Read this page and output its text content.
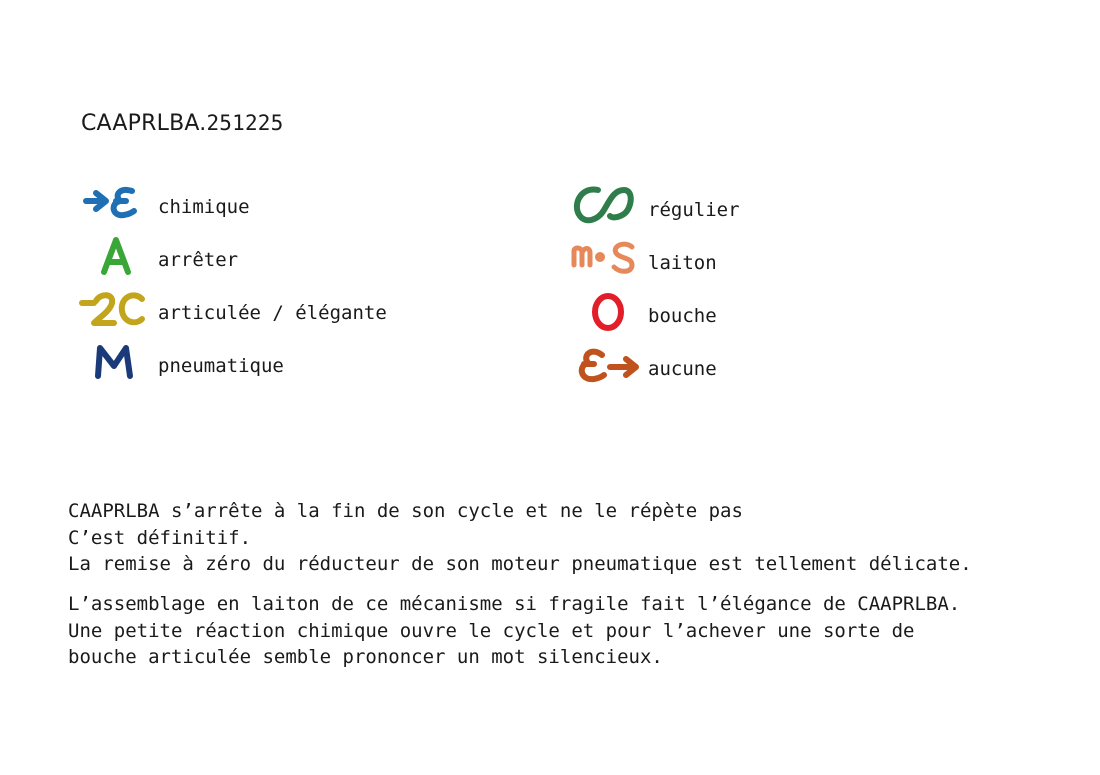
CAAPRLBA.251225
chimique
arrêter
articulée / élégante
pneumatique
régulier
laiton
bouche
aucune
CAAPRLBA s’arrête à la fin de son cycle et ne le répète pas
C’est définitif.
La remise à zéro du réducteur de son moteur pneumatique est tellement délicate.
L’assemblage en laiton de ce mécanisme si fragile fait l’élégance de CAAPRLBA.
Une petite réaction chimique ouvre le cycle et pour l’achever une sorte de
bouche articulée semble prononcer un mot silencieux.
